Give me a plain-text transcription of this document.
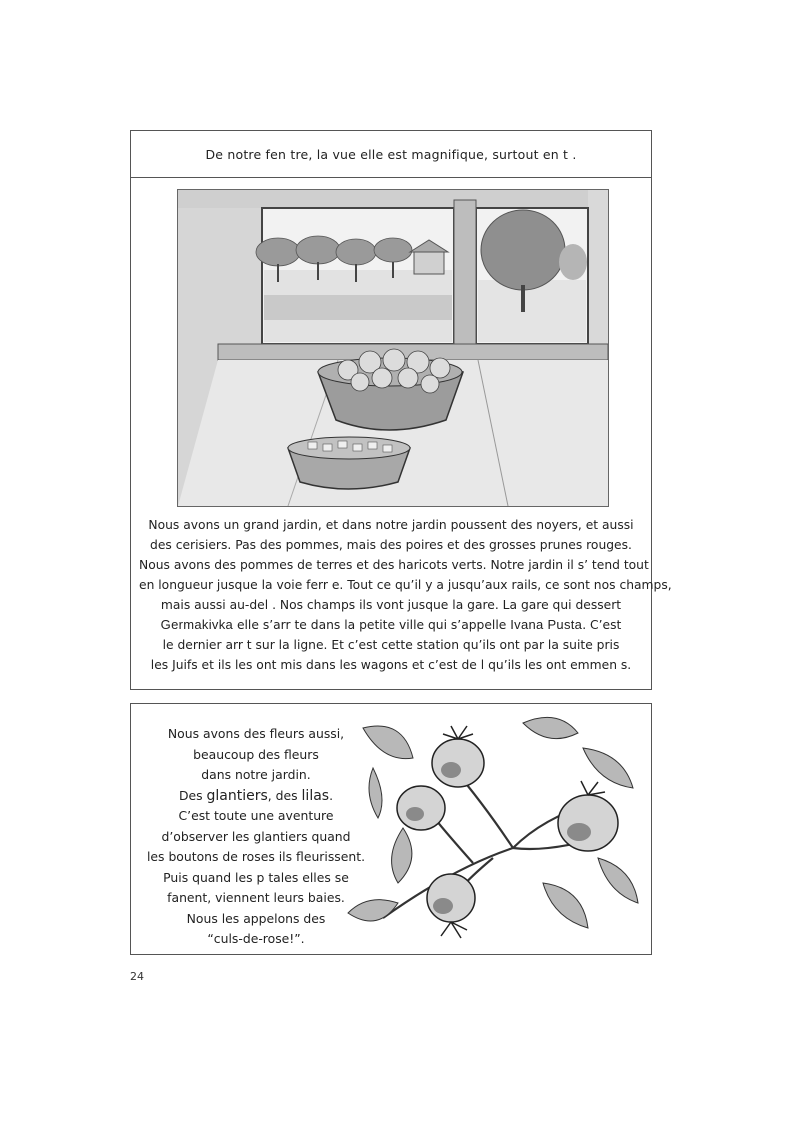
De notre fen tre, la vue elle est magnifique, surtout en t .
Nous avons un grand jardin, et dans notre jardin poussent des noyers, et aussi
des cerisiers. Pas des pommes, mais des poires et des grosses prunes rouges.
Nous avons des pommes de terres et des haricots verts. Notre jardin il s’ tend tout
en longueur jusque la voie ferr e. Tout ce qu’il y a jusqu’aux rails, ce sont nos champs,
mais aussi au-del . Nos champs ils vont jusque la gare. La gare qui dessert
Germakivka elle s’arr te dans la petite ville qui s’appelle Ivana Pusta. C’est
le dernier arr t sur la ligne. Et c’est cette station qu’ils ont par la suite pris
les Juifs et ils les ont mis dans les wagons et c’est de l qu’ils les ont emmen s.
Nous avons des fleurs aussi,
beaucoup des fleurs
dans notre jardin.
Des glantiers, des lilas.
C’est toute une aventure
d’observer les glantiers quand
les boutons de roses ils fleurissent.
Puis quand les p tales elles se
fanent, viennent leurs baies.
Nous les appelons des
“culs-de-rose!”.
24
